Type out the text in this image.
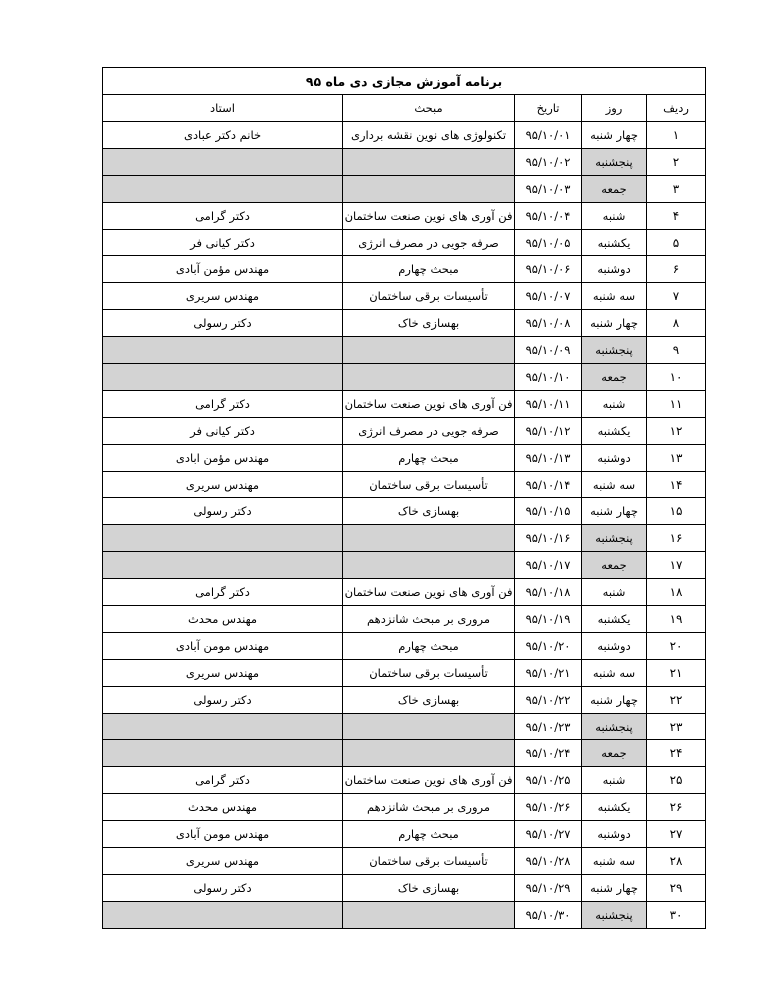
برنامه آموزش مجازی دی ماه ۹۵				
ردیف	روز	تاریخ	مبحث	استاد
۱	چهار شنبه	۹۵/۱۰/۰۱	تکنولوژی های نوین نقشه برداری	خانم دکتر عبادی
۲	پنجشنبه	۹۵/۱۰/۰۲		
۳	جمعه	۹۵/۱۰/۰۳		
۴	شنبه	۹۵/۱۰/۰۴	فن آوری های نوین صنعت ساختمان	دکتر گرامی
۵	یکشنبه	۹۵/۱۰/۰۵	صرفه جویی در مصرف انرژی	دکتر کیانی فر
۶	دوشنبه	۹۵/۱۰/۰۶	مبحث چهارم	مهندس مؤمن آبادی
۷	سه شنبه	۹۵/۱۰/۰۷	تأسیسات برقی ساختمان	مهندس سریری
۸	چهار شنبه	۹۵/۱۰/۰۸	بهسازی خاک	دکتر رسولی
۹	پنجشنبه	۹۵/۱۰/۰۹		
۱۰	جمعه	۹۵/۱۰/۱۰		
۱۱	شنبه	۹۵/۱۰/۱۱	فن آوری های نوین صنعت ساختمان	دکتر گرامی
۱۲	یکشنبه	۹۵/۱۰/۱۲	صرفه جویی در مصرف انرژی	دکتر کیانی فر
۱۳	دوشنبه	۹۵/۱۰/۱۳	مبحث چهارم	مهندس مؤمن ابادی
۱۴	سه شنبه	۹۵/۱۰/۱۴	تأسیسات برقی ساختمان	مهندس سریری
۱۵	چهار شنبه	۹۵/۱۰/۱۵	بهسازی خاک	دکتر رسولی
۱۶	پنجشنبه	۹۵/۱۰/۱۶		
۱۷	جمعه	۹۵/۱۰/۱۷		
۱۸	شنبه	۹۵/۱۰/۱۸	فن آوری های نوین صنعت ساختمان	دکتر گرامی
۱۹	یکشنبه	۹۵/۱۰/۱۹	مروری بر مبحث شانزدهم	مهندس محدث
۲۰	دوشنبه	۹۵/۱۰/۲۰	مبحث چهارم	مهندس مومن آبادی
۲۱	سه شنبه	۹۵/۱۰/۲۱	تأسیسات برقی ساختمان	مهندس سریری
۲۲	چهار شنبه	۹۵/۱۰/۲۲	بهسازی خاک	دکتر رسولی
۲۳	پنجشنبه	۹۵/۱۰/۲۳		
۲۴	جمعه	۹۵/۱۰/۲۴		
۲۵	شنبه	۹۵/۱۰/۲۵	فن آوری های نوین صنعت ساختمان	دکتر گرامی
۲۶	یکشنبه	۹۵/۱۰/۲۶	مروری بر مبحث شانزدهم	مهندس محدث
۲۷	دوشنبه	۹۵/۱۰/۲۷	مبحث چهارم	مهندس مومن آبادی
۲۸	سه شنبه	۹۵/۱۰/۲۸	تأسیسات برقی ساختمان	مهندس سریری
۲۹	چهار شنبه	۹۵/۱۰/۲۹	بهسازی خاک	دکتر رسولی
۳۰	پنجشنبه	۹۵/۱۰/۳۰		
